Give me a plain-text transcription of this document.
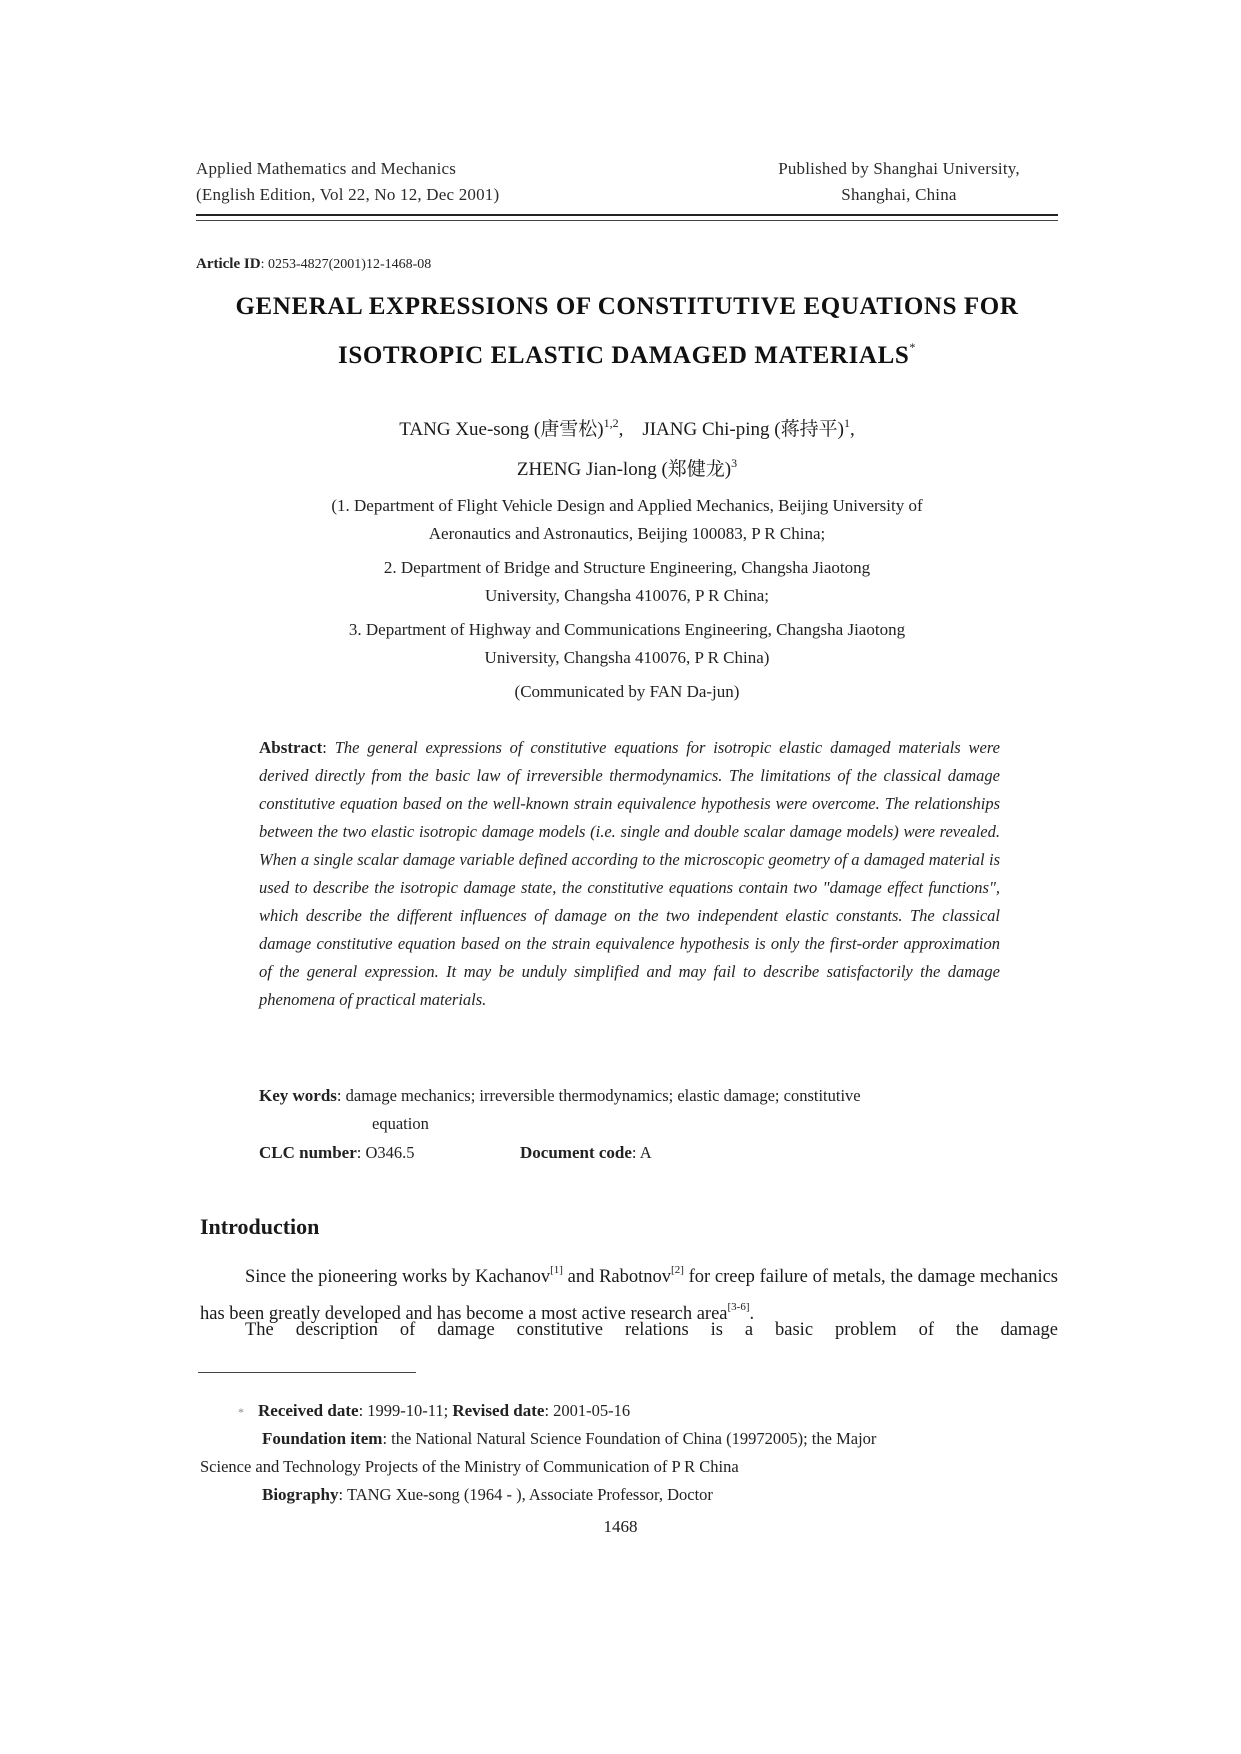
Applied Mathematics and Mechanics
(English Edition, Vol 22, No 12, Dec 2001)
Published by Shanghai University,
Shanghai, China
Article ID: 0253-4827(2001)12-1468-08
GENERAL EXPRESSIONS OF CONSTITUTIVE EQUATIONS FOR
ISOTROPIC ELASTIC DAMAGED MATERIALS*
TANG Xue-song (唐雪松)$^{1,2}$,    JIANG Chi-ping (蒋持平)$^1$,
ZHENG Jian-long (郑健龙)$^3$
(1. Department of Flight Vehicle Design and Applied Mechanics, Beijing University of
Aeronautics and Astronautics, Beijing 100083, P R China;
2. Department of Bridge and Structure Engineering, Changsha Jiaotong
University, Changsha 410076, P R China;
3. Department of Highway and Communications Engineering, Changsha Jiaotong
University, Changsha 410076, P R China)
(Communicated by FAN Da-jun)
Abstract: The general expressions of constitutive equations for isotropic elastic damaged materials were derived directly from the basic law of irreversible thermodynamics. The limitations of the classical damage constitutive equation based on the well-known strain equivalence hypothesis were overcome. The relationships between the two elastic isotropic damage models (i.e. single and double scalar damage models) were revealed. When a single scalar damage variable defined according to the microscopic geometry of a damaged material is used to describe the isotropic damage state, the constitutive equations contain two "damage effect functions", which describe the different influences of damage on the two independent elastic constants. The classical damage constitutive equation based on the strain equivalence hypothesis is only the first-order approximation of the general expression. It may be unduly simplified and may fail to describe satisfactorily the damage phenomena of practical materials.
Key words: damage mechanics; irreversible thermodynamics; elastic damage; constitutive
equation
CLC number: O346.5	Document code: A
Introduction
Since the pioneering works by Kachanov[1] and Rabotnov[2] for creep failure of metals, the damage mechanics has been greatly developed and has become a most active research area[3-6].
The description of damage constitutive relations is a basic problem of the damage
* Received date: 1999-10-11; Revised date: 2001-05-16
Foundation item: the National Natural Science Foundation of China (19972005); the Major
Science and Technology Projects of the Ministry of Communication of P R China
Biography: TANG Xue-song (1964 - ), Associate Professor, Doctor
1468
